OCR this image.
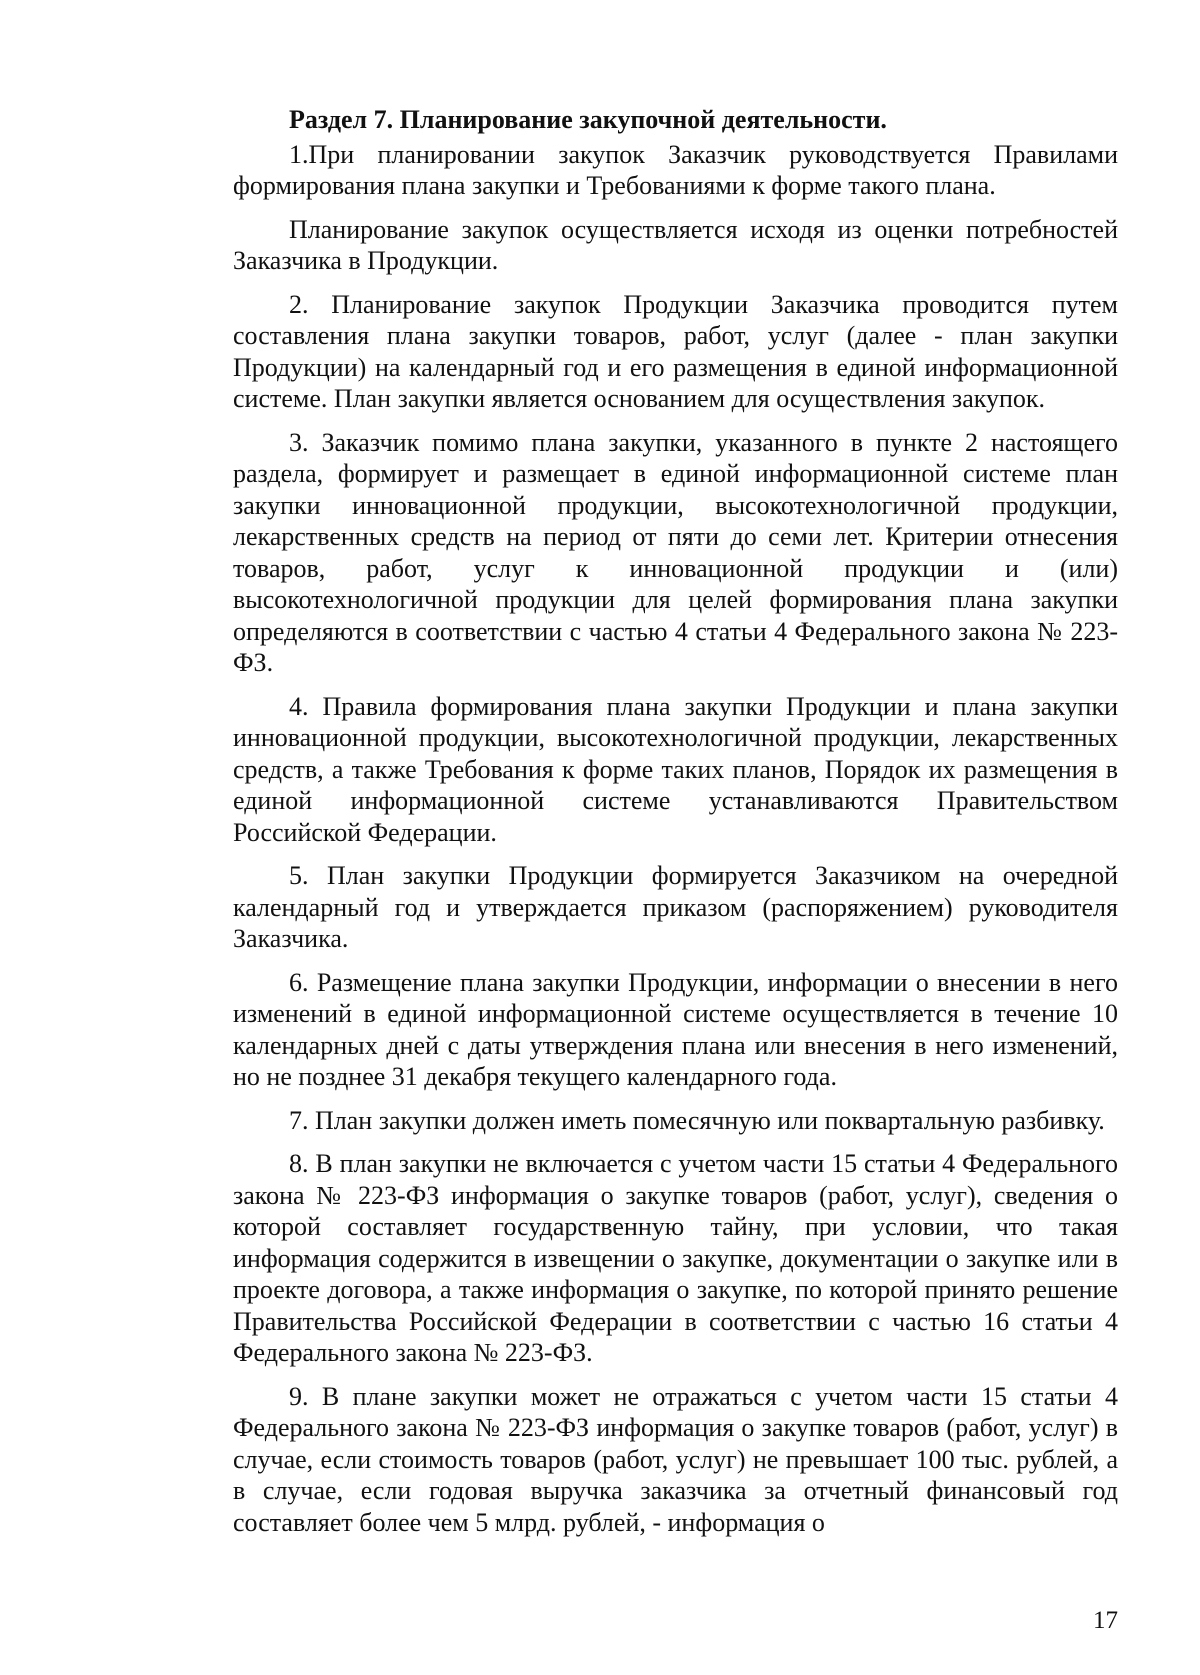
Раздел 7. Планирование закупочной деятельности.

1.При планировании закупок Заказчик руководствуется Правилами формирования плана закупки и Требованиями к форме такого плана.

Планирование закупок осуществляется исходя из оценки потребностей Заказчика в Продукции.

2. Планирование закупок Продукции Заказчика проводится путем составления плана закупки товаров, работ, услуг (далее - план закупки Продукции) на календарный год и его размещения в единой информационной системе. План закупки является основанием для осуществления закупок.

3. Заказчик помимо плана закупки, указанного в пункте 2 настоящего раздела, формирует и размещает в единой информационной системе план закупки инновационной продукции, высокотехнологичной продукции, лекарственных средств на период от пяти до семи лет. Критерии отнесения товаров, работ, услуг к инновационной продукции и (или) высокотехнологичной продукции для целей формирования плана закупки определяются в соответствии с частью 4 статьи 4 Федерального закона № 223-ФЗ.

4. Правила формирования плана закупки Продукции и плана закупки инновационной продукции, высокотехнологичной продукции, лекарственных средств, а также Требования к форме таких планов, Порядок их размещения в единой информационной системе устанавливаются Правительством Российской Федерации.

5. План закупки Продукции формируется Заказчиком на очередной календарный год и утверждается приказом (распоряжением) руководителя Заказчика.

6. Размещение плана закупки Продукции, информации о внесении в него изменений в единой информационной системе осуществляется в течение 10 календарных дней с даты утверждения плана или внесения в него изменений, но не позднее 31 декабря текущего календарного года.

7. План закупки должен иметь помесячную или поквартальную разбивку.

8. В план закупки не включается с учетом части 15 статьи 4 Федерального закона № 223-ФЗ информация о закупке товаров (работ, услуг), сведения о которой составляет государственную тайну, при условии, что такая информация содержится в извещении о закупке, документации о закупке или в проекте договора, а также информация о закупке, по которой принято решение Правительства Российской Федерации в соответствии с частью 16 статьи 4 Федерального закона № 223-ФЗ.

9. В плане закупки может не отражаться с учетом части 15 статьи 4 Федерального закона № 223-ФЗ информация о закупке товаров (работ, услуг) в случае, если стоимость товаров (работ, услуг) не превышает 100 тыс. рублей, а в случае, если годовая выручка заказчика за отчетный финансовый год составляет более чем 5 млрд. рублей, - информация о

17
